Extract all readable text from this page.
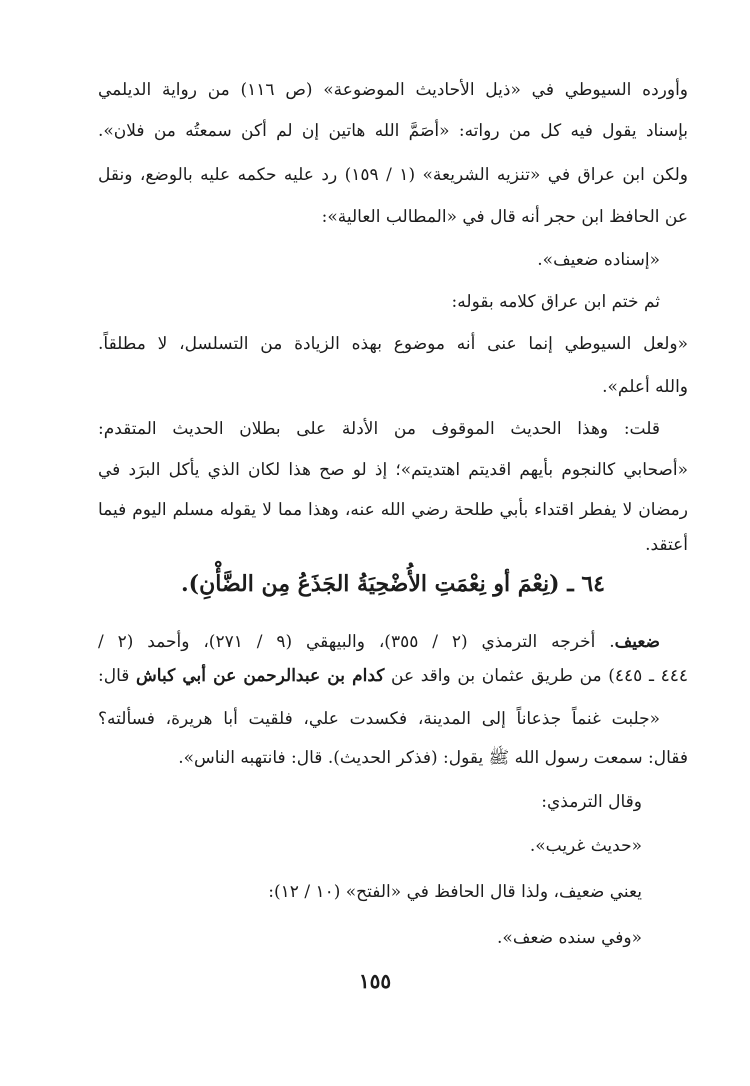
وأورده السيوطي في «ذيل الأحاديث الموضوعة» (ص ١١٦) من رواية الديلمي
بإسناد يقول فيه كل من رواته: «أصَمَّ الله هاتين إن لم أكن سمعتُه من فلان».
ولكن ابن عراق في «تنزيه الشريعة» (١ / ١٥٩) رد عليه حكمه عليه بالوضع، ونقل
عن الحافظ ابن حجر أنه قال في «المطالب العالية»:
«إسناده ضعيف».
ثم ختم ابن عراق كلامه بقوله:
«ولعل السيوطي إنما عنى أنه موضوع بهذه الزيادة من التسلسل، لا مطلقاً.
والله أعلم».
قلت: وهذا الحديث الموقوف من الأدلة على بطلان الحديث المتقدم:
«أصحابي كالنجوم بأيهم اقديتم اهتديتم»؛ إذ لو صح هذا لكان الذي يأكل البرَد في
رمضان لا يفطر اقتداء بأبي طلحة رضي الله عنه، وهذا مما لا يقوله مسلم اليوم فيما
أعتقد.
٦٤ ـ (نِعْمَ أو نِعْمَتِ الأُضْحِيَةُ الجَذَعُ مِن الضَّأْنِ).
ضعيف. أخرجه الترمذي (٢ / ٣٥٥)، والبيهقي (٩ / ٢٧١)، وأحمد (٢ /
٤٤٤ ـ ٤٤٥) من طريق عثمان بن واقد عن كدام بن عبدالرحمن عن أبي كباش قال:
«جلبت غنماً جذعاناً إلى المدينة، فكسدت علي، فلقيت أبا هريرة، فسألته؟
فقال: سمعت رسول الله ﷺ يقول: (فذكر الحديث). قال: فانتهبه الناس».
وقال الترمذي:
«حديث غريب».
يعني ضعيف، ولذا قال الحافظ في «الفتح» (١٠ / ١٢):
«وفي سنده ضعف».
١٥٥
